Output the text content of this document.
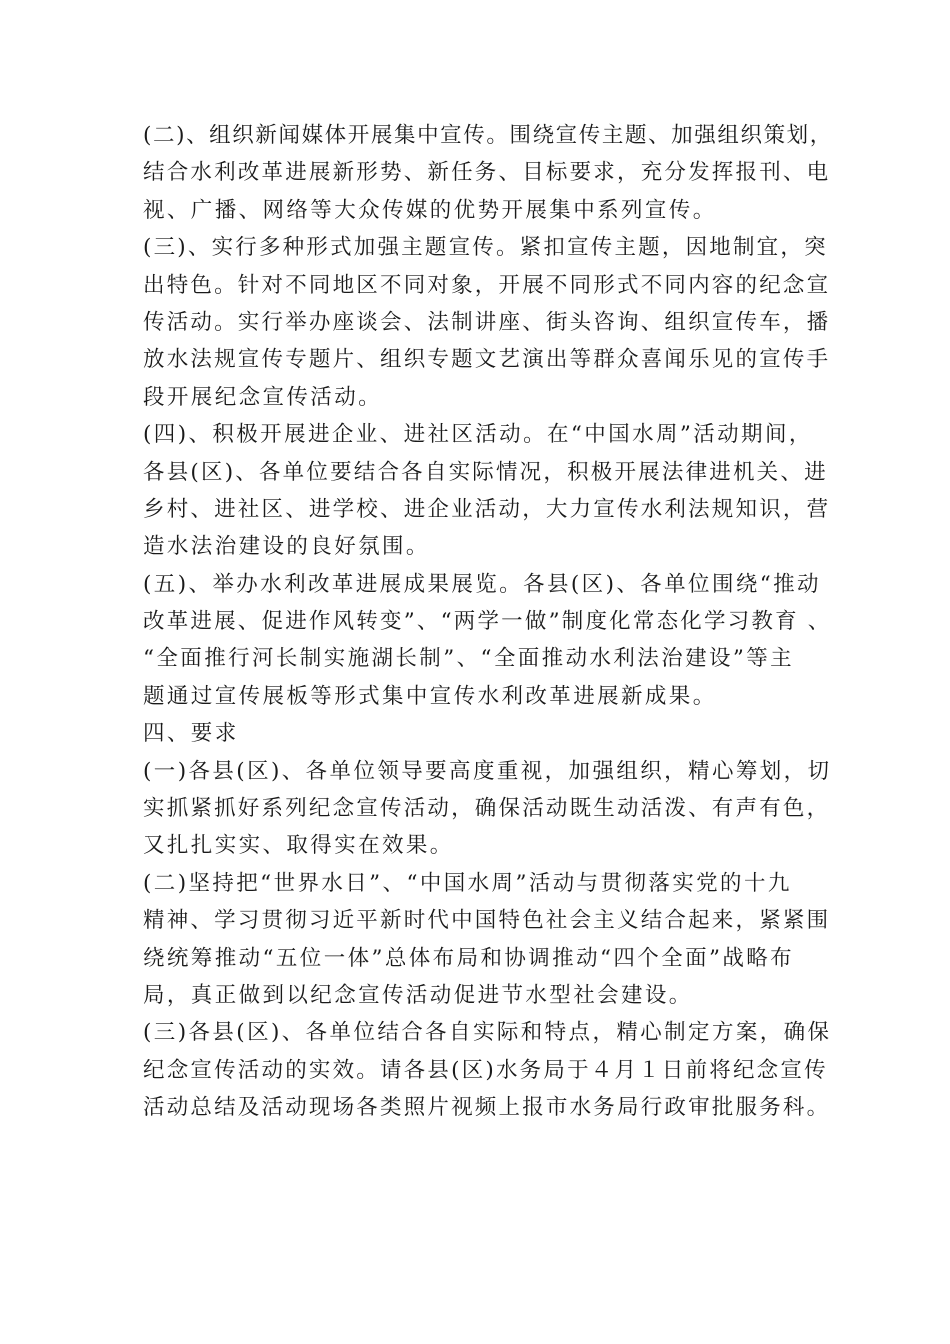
(二)、组织新闻媒体开展集中宣传。围绕宣传主题、加强组织策划，
结合水利改革进展新形势、新任务、目标要求，充分发挥报刊、电
视、广播、网络等大众传媒的优势开展集中系列宣传。
(三)、实行多种形式加强主题宣传。紧扣宣传主题，因地制宜，突
出特色。针对不同地区不同对象，开展不同形式不同内容的纪念宣
传活动。实行举办座谈会、法制讲座、街头咨询、组织宣传车，播
放水法规宣传专题片、组织专题文艺演出等群众喜闻乐见的宣传手
段开展纪念宣传活动。
(四)、积极开展进企业、进社区活动。在“中国水周”活动期间，
各县(区)、各单位要结合各自实际情况，积极开展法律进机关、进
乡村、进社区、进学校、进企业活动，大力宣传水利法规知识，营
造水法治建设的良好氛围。
(五)、举办水利改革进展成果展览。各县(区)、各单位围绕“推动
改革进展、促进作风转变”、“两学一做”制度化常态化学习教育 、
“全面推行河长制实施湖长制”、“全面推动水利法治建设”等主
题通过宣传展板等形式集中宣传水利改革进展新成果。
四、要求
(一)各县(区)、各单位领导要高度重视，加强组织，精心筹划，切
实抓紧抓好系列纪念宣传活动，确保活动既生动活泼、有声有色，
又扎扎实实、取得实在效果。
(二)坚持把“世界水日”、“中国水周”活动与贯彻落实党的十九
精神、学习贯彻习近平新时代中国特色社会主义结合起来，紧紧围
绕统筹推动“五位一体”总体布局和协调推动“四个全面”战略布
局，真正做到以纪念宣传活动促进节水型社会建设。
(三)各县(区)、各单位结合各自实际和特点，精心制定方案，确保
纪念宣传活动的实效。请各县(区)水务局于４月１日前将纪念宣传
活动总结及活动现场各类照片视频上报市水务局行政审批服务科。
